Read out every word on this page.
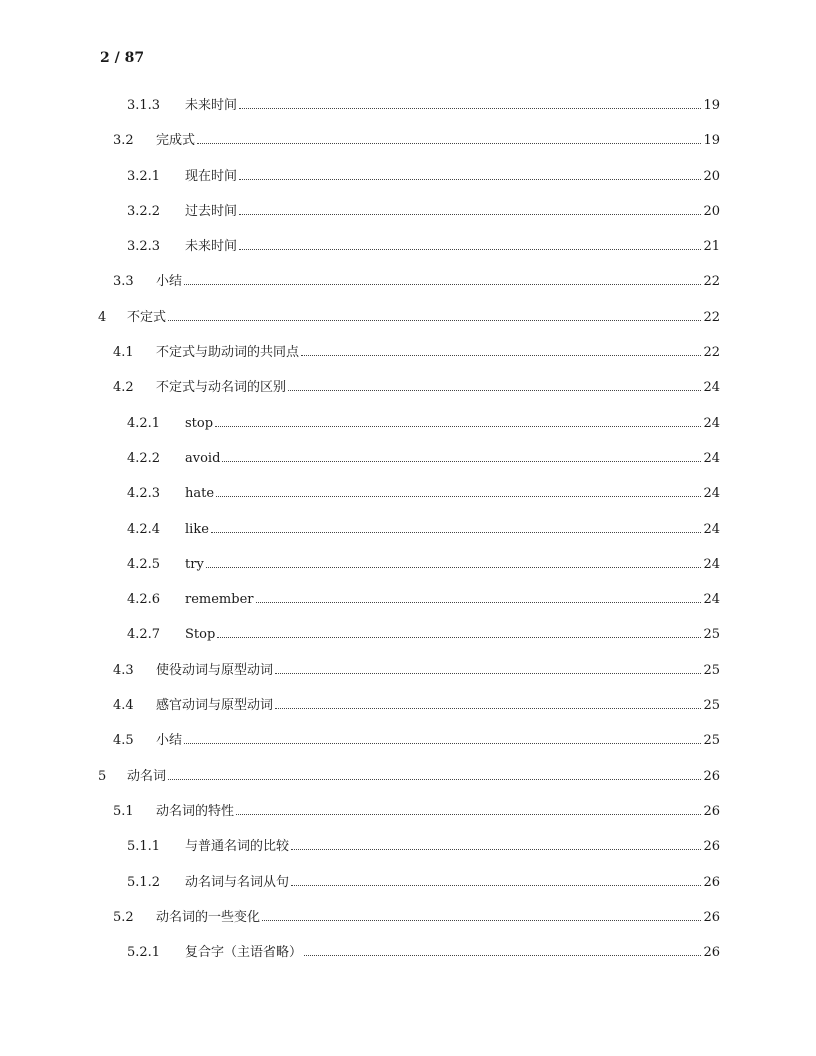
2 / 87
3.1.3	未来时间	19
3.2	完成式	19
3.2.1	现在时间	20
3.2.2	过去时间	20
3.2.3	未来时间	21
3.3	小结	22
4	不定式	22
4.1	不定式与助动词的共同点	22
4.2	不定式与动名词的区别	24
4.2.1	stop	24
4.2.2	avoid	24
4.2.3	hate	24
4.2.4	like	24
4.2.5	try	24
4.2.6	remember	24
4.2.7	Stop	25
4.3	使役动词与原型动词	25
4.4	感官动词与原型动词	25
4.5	小结	25
5	动名词	26
5.1	动名词的特性	26
5.1.1	与普通名词的比较	26
5.1.2	动名词与名词从句	26
5.2	动名词的一些变化	26
5.2.1	复合字（主语省略）	26
